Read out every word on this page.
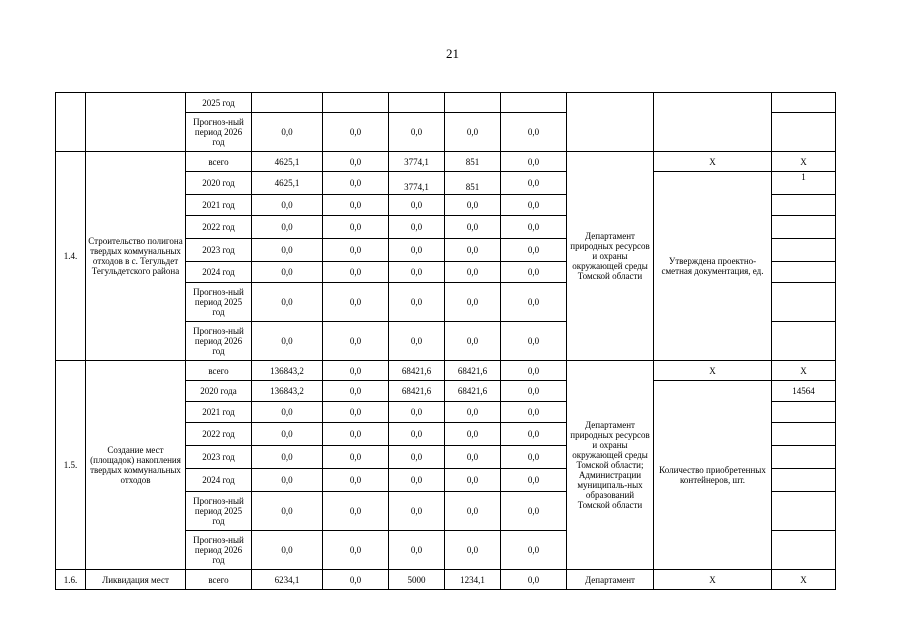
21
		2025 год								
		Прогноз-ный период 2026 год	0,0	0,0	0,0	0,0	0,0			
1.4.	Строительство полигона твердых коммунальных отходов в с. Тегульдет Тегульдетского района	всего	4625,1	0,0	3774,1	851	0,0	Департамент природных ресурсов и охраны окружающей среды Томской области	X	X
		2020 год	4625,1	0,0	3774,1	851	0,0		Утверждена проектно-сметная документация, ед.	1
		2021 год	0,0	0,0	0,0	0,0	0,0			
		2022 год	0,0	0,0	0,0	0,0	0,0			
		2023 год	0,0	0,0	0,0	0,0	0,0			
		2024 год	0,0	0,0	0,0	0,0	0,0			
		Прогноз-ный период 2025 год	0,0	0,0	0,0	0,0	0,0			
		Прогноз-ный период 2026 год	0,0	0,0	0,0	0,0	0,0			
1.5.	Создание мест (площадок) накопления твердых коммунальных отходов	всего	136843,2	0,0	68421,6	68421,6	0,0	Департамент природных ресурсов и охраны окружающей среды Томской области; Администрации муниципаль-ных образований Томской области	X	X
		2020 года	136843,2	0,0	68421,6	68421,6	0,0		Количество приобретенных контейнеров, шт.	14564
		2021 год	0,0	0,0	0,0	0,0	0,0			
		2022 год	0,0	0,0	0,0	0,0	0,0			
		2023 год	0,0	0,0	0,0	0,0	0,0			
		2024 год	0,0	0,0	0,0	0,0	0,0			
		Прогноз-ный период 2025 год	0,0	0,0	0,0	0,0	0,0			
		Прогноз-ный период 2026 год	0,0	0,0	0,0	0,0	0,0			
1.6.	Ликвидация мест	всего	6234,1	0,0	5000	1234,1	0,0	Департамент	X	X
